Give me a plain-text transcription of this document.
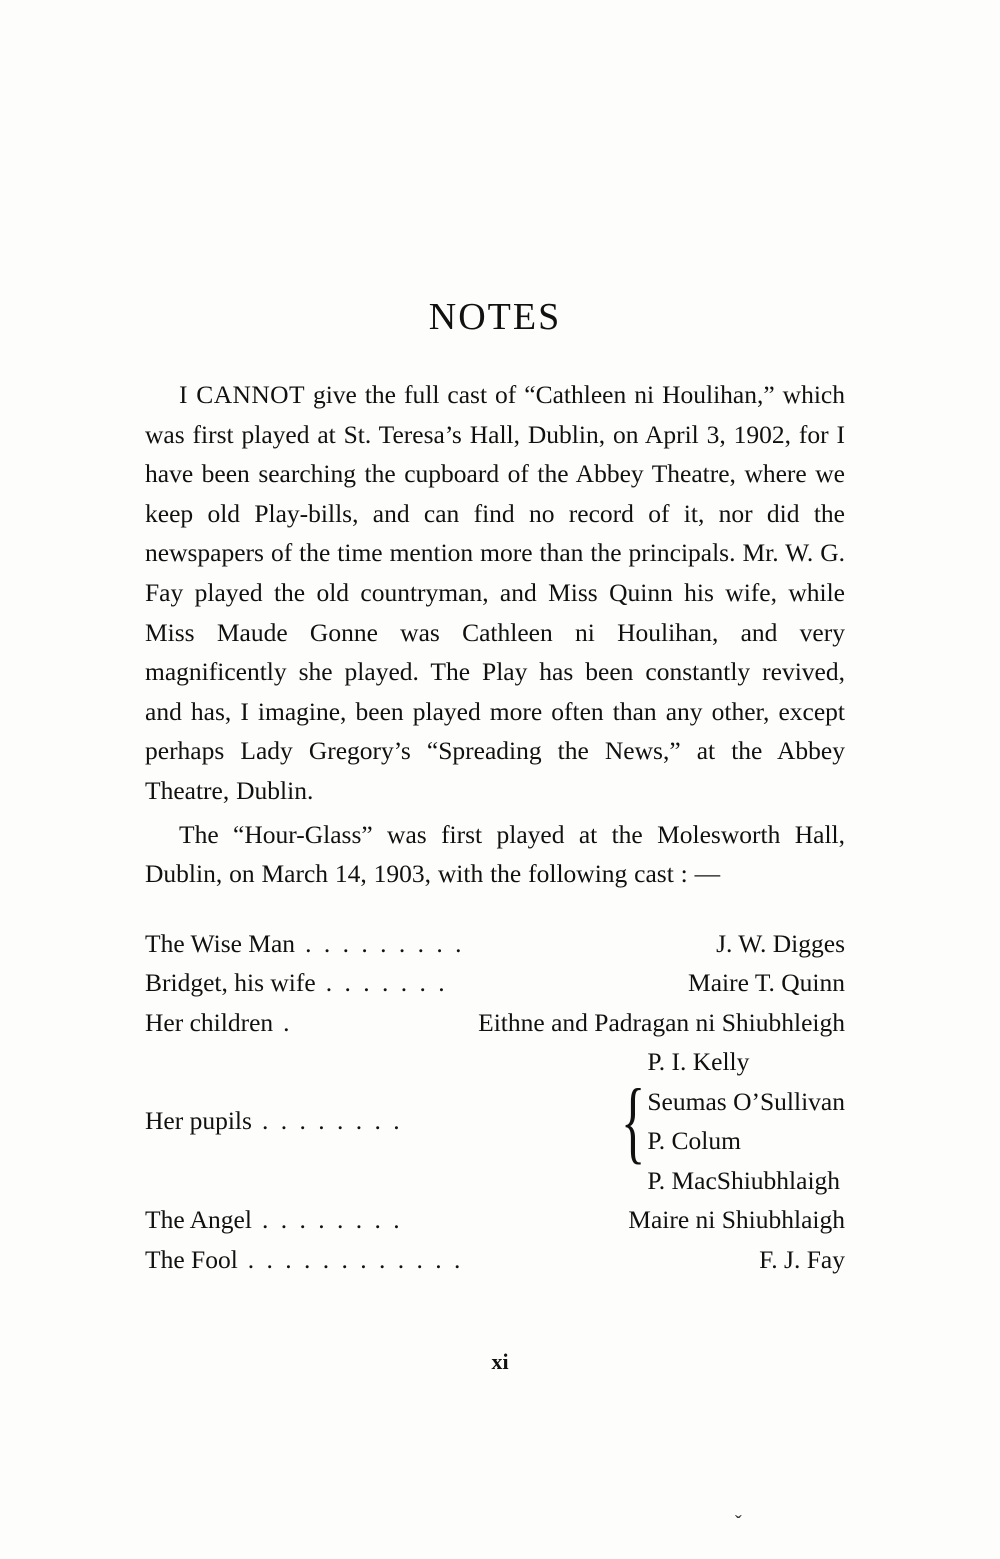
NOTES

I CANNOT give the full cast of “Cathleen ni Houlihan,” which was first played at St. Teresa’s Hall, Dublin, on April 3, 1902, for I have been searching the cupboard of the Abbey Theatre, where we keep old Play-bills, and can find no record of it, nor did the newspapers of the time mention more than the principals. Mr. W. G. Fay played the old countryman, and Miss Quinn his wife, while Miss Maude Gonne was Cathleen ni Houlihan, and very magnificently she played. The Play has been constantly revived, and has, I imagine, been played more often than any other, except perhaps Lady Gregory’s “Spreading the News,” at the Abbey Theatre, Dublin.

The “Hour-Glass” was first played at the Molesworth Hall, Dublin, on March 14, 1903, with the following cast : —

The Wise Man . . . . . . . . .	J. W. Digges
Bridget, his wife . . . . . . .	Maire T. Quinn
Her children .	Eithne and Padragan ni Shiubhleigh
Her pupils . . . . . . . .	{
P. I. Kelly
Seumas O’Sullivan
P. Colum
P. MacShiubhlaigh
The Angel . . . . . . . .	Maire ni Shiubhlaigh
The Fool . . . . . . . . . . . .	F. J. Fay
xi
ˇ
